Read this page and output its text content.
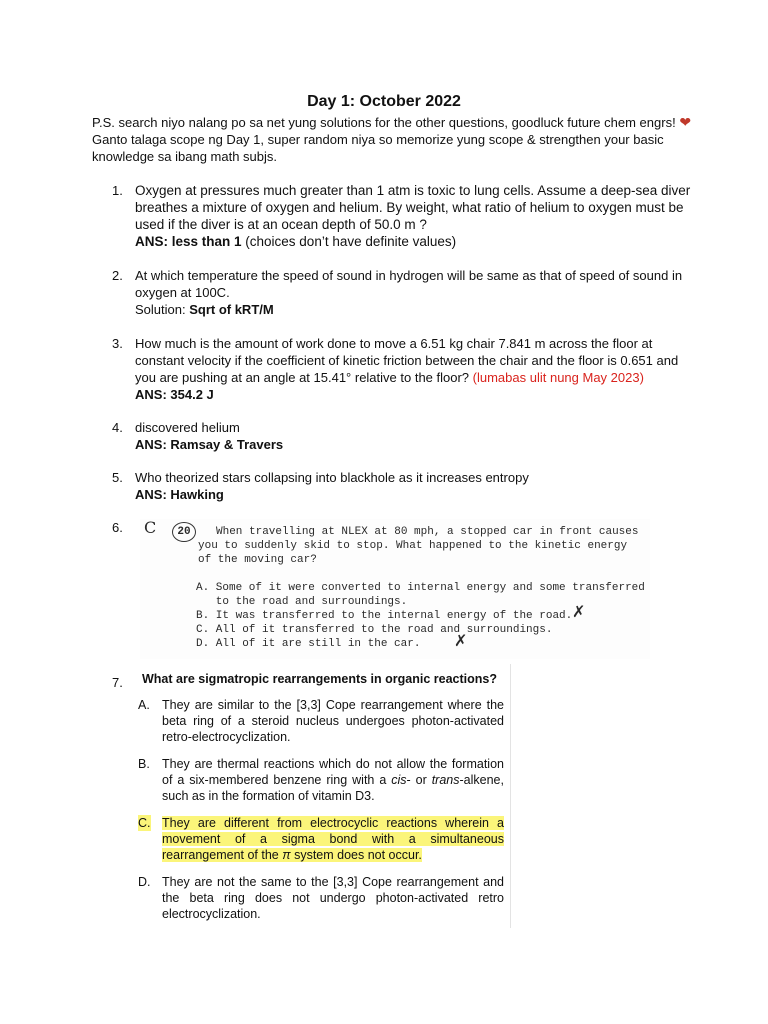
Day 1: October 2022
P.S. search niyo nalang po sa net yung solutions for the other questions, goodluck future chem engrs! ❤
Ganto talaga scope ng Day 1, super random niya so memorize yung scope & strengthen your basic
knowledge sa ibang math subjs.
1. Oxygen at pressures much greater than 1 atm is toxic to lung cells. Assume a deep-sea diver
breathes a mixture of oxygen and helium. By weight, what ratio of helium to oxygen must be
used if the diver is at an ocean depth of 50.0 m ?
ANS: less than 1 (choices don’t have definite values)
2. At which temperature the speed of sound in hydrogen will be same as that of speed of sound in
oxygen at 100C.
Solution: Sqrt of kRT/M
3. How much is the amount of work done to move a 6.51 kg chair 7.841 m across the floor at
constant velocity if the coefficient of kinetic friction between the chair and the floor is 0.651 and
you are pushing at an angle at 15.41° relative to the floor? (lumabas ulit nung May 2023)
ANS: 354.2 J
4. discovered helium
ANS: Ramsay & Travers
5. Who theorized stars collapsing into blackhole as it increases entropy
ANS: Hawking
6. C	20	When travelling at NLEX at 80 mph, a stopped car in front causes
you to suddenly skid to stop. What happened to the kinetic energy
of the moving car?
A. Some of it were converted to internal energy and some transferred
to the road and surroundings.
B. It was transferred to the internal energy of the road. ✗
C. All of it transferred to the road and surroundings.
D. All of it are still in the car. ✗
7. What are sigmatropic rearrangements in organic reactions?
A. They are similar to the [3,3] Cope rearrangement where the beta ring of a steroid nucleus undergoes photon-activated retro-electrocyclization.
B. They are thermal reactions which do not allow the formation of a six-membered benzene ring with a cis- or trans-alkene, such as in the formation of vitamin D3.
C. They are different from electrocyclic reactions wherein a movement of a sigma bond with a simultaneous rearrangement of the π system does not occur.
D. They are not the same to the [3,3] Cope rearrangement and the beta ring does not undergo photon-activated retro electrocyclization.
